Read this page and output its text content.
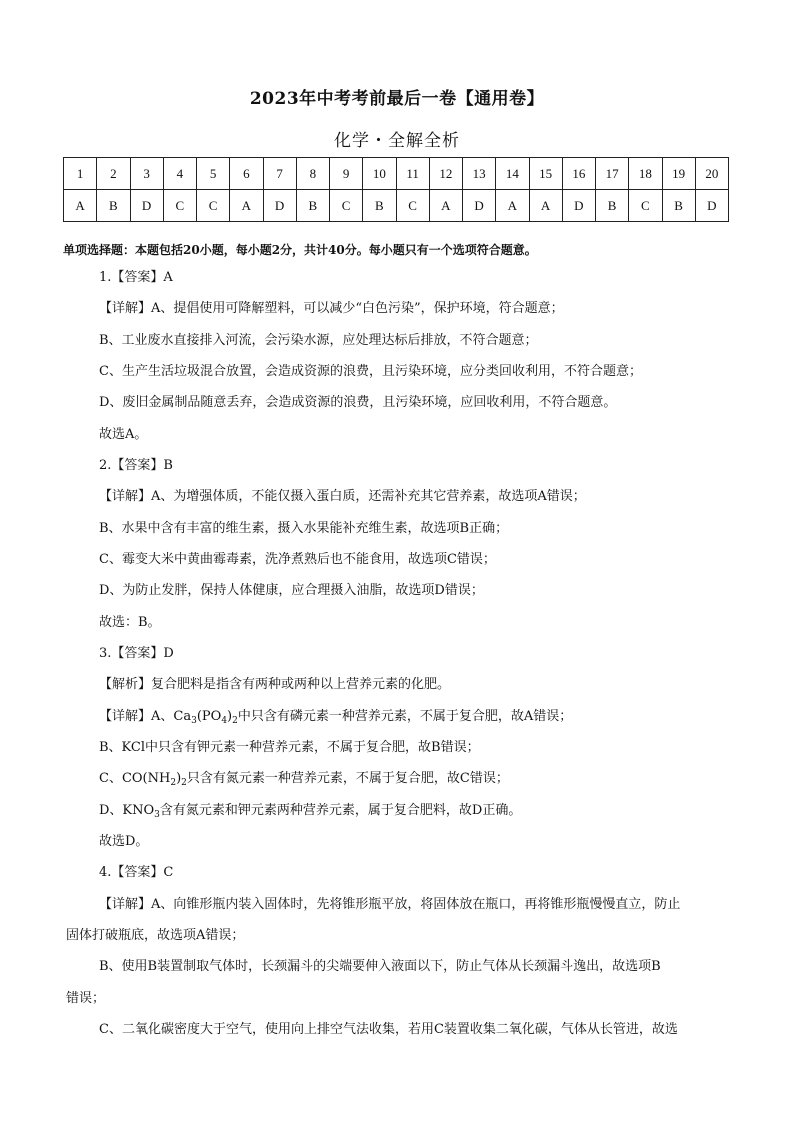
2023年中考考前最后一卷【通用卷】
化学・全解全析
1	2	3	4	5	6	7	8	9	10	11	12	13	14	15	16	17	18	19	20
A	B	D	C	C	A	D	B	C	B	C	A	D	A	A	D	B	C	B	D
单项选择题：本题包括20小题，每小题2分，共计40分。每小题只有一个选项符合题意。
1.【答案】A
【详解】A、提倡使用可降解塑料，可以减少“白色污染”，保护环境，符合题意；
B、工业废水直接排入河流，会污染水源，应处理达标后排放，不符合题意；
C、生产生活垃圾混合放置，会造成资源的浪费，且污染环境，应分类回收利用，不符合题意；
D、废旧金属制品随意丢弃，会造成资源的浪费，且污染环境，应回收利用，不符合题意。
故选A。
2.【答案】B
【详解】A、为增强体质，不能仅摄入蛋白质，还需补充其它营养素，故选项A错误；
B、水果中含有丰富的维生素，摄入水果能补充维生素，故选项B正确；
C、霉变大米中黄曲霉毒素，洗净煮熟后也不能食用，故选项C错误；
D、为防止发胖，保持人体健康，应合理摄入油脂，故选项D错误；
故选：B。
3.【答案】D
【解析】复合肥料是指含有两种或两种以上营养元素的化肥。
【详解】A、$Ca_3(PO_4)_2$中只含有磷元素一种营养元素，不属于复合肥，故A错误；
B、KCl中只含有钾元素一种营养元素，不属于复合肥，故B错误；
C、$CO(NH_2)_2$只含有氮元素一种营养元素，不属于复合肥，故C错误；
D、$KNO_3$含有氮元素和钾元素两种营养元素，属于复合肥料，故D正确。
故选D。
4.【答案】C
【详解】A、向锥形瓶内装入固体时，先将锥形瓶平放，将固体放在瓶口，再将锥形瓶慢慢直立，防止
固体打破瓶底，故选项A错误；
B、使用B装置制取气体时，长颈漏斗的尖端要伸入液面以下，防止气体从长颈漏斗逸出，故选项B
错误；
C、二氧化碳密度大于空气，使用向上排空气法收集，若用C装置收集二氧化碳，气体从长管进，故选
